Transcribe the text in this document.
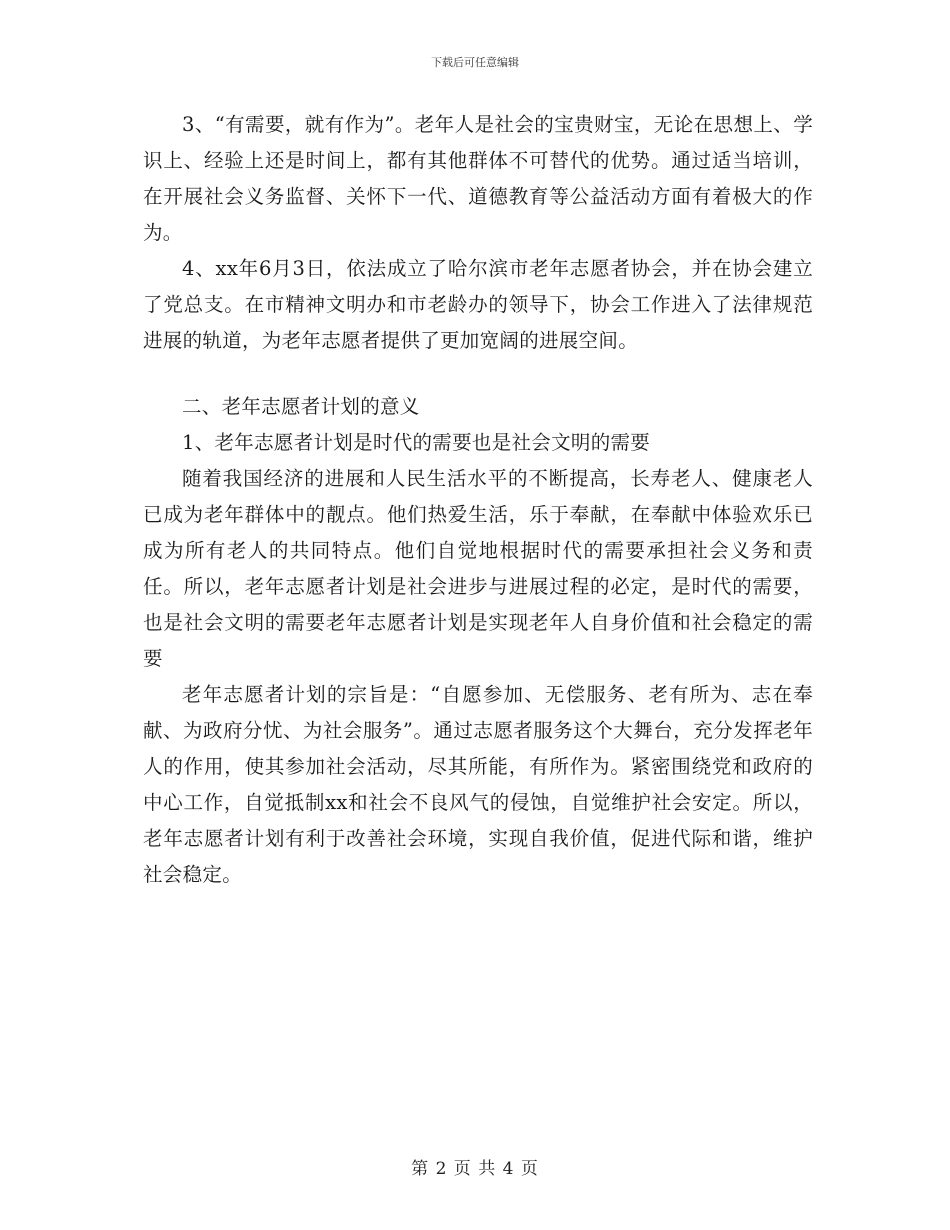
下载后可任意编辑

3、“有需要，就有作为”。老年人是社会的宝贵财宝，无论在思想上、学识上、经验上还是时间上，都有其他群体不可替代的优势。通过适当培训，在开展社会义务监督、关怀下一代、道德教育等公益活动方面有着极大的作为。

4、xx年6月3日，依法成立了哈尔滨市老年志愿者协会，并在协会建立了党总支。在市精神文明办和市老龄办的领导下，协会工作进入了法律规范进展的轨道，为老年志愿者提供了更加宽阔的进展空间。

二、老年志愿者计划的意义

1、老年志愿者计划是时代的需要也是社会文明的需要

随着我国经济的进展和人民生活水平的不断提高，长寿老人、健康老人已成为老年群体中的靓点。他们热爱生活，乐于奉献，在奉献中体验欢乐已成为所有老人的共同特点。他们自觉地根据时代的需要承担社会义务和责任。所以，老年志愿者计划是社会进步与进展过程的必定，是时代的需要，也是社会文明的需要老年志愿者计划是实现老年人自身价值和社会稳定的需要

老年志愿者计划的宗旨是：“自愿参加、无偿服务、老有所为、志在奉献、为政府分忧、为社会服务”。通过志愿者服务这个大舞台，充分发挥老年人的作用，使其参加社会活动，尽其所能，有所作为。紧密围绕党和政府的中心工作，自觉抵制xx和社会不良风气的侵蚀，自觉维护社会安定。所以，老年志愿者计划有利于改善社会环境，实现自我价值，促进代际和谐，维护社会稳定。

第 2 页 共 4 页
